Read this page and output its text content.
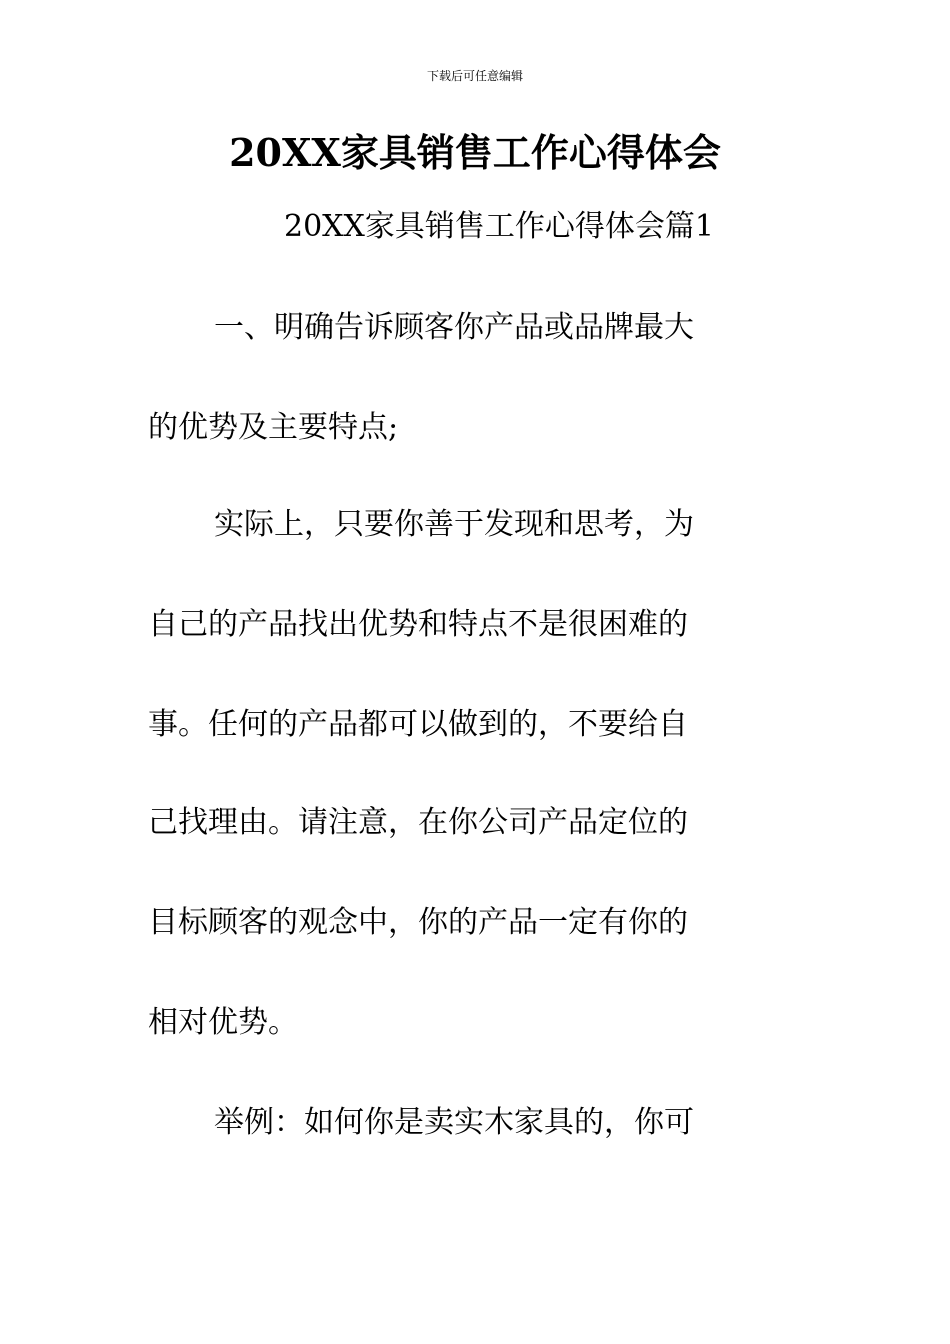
下载后可任意编辑
20XX家具销售工作心得体会
20XX家具销售工作心得体会篇1
一、明确告诉顾客你产品或品牌最大
的优势及主要特点;
实际上，只要你善于发现和思考，为
自己的产品找出优势和特点不是很困难的
事。任何的产品都可以做到的，不要给自
己找理由。请注意，在你公司产品定位的
目标顾客的观念中，你的产品一定有你的
相对优势。
举例：如何你是卖实木家具的，你可
